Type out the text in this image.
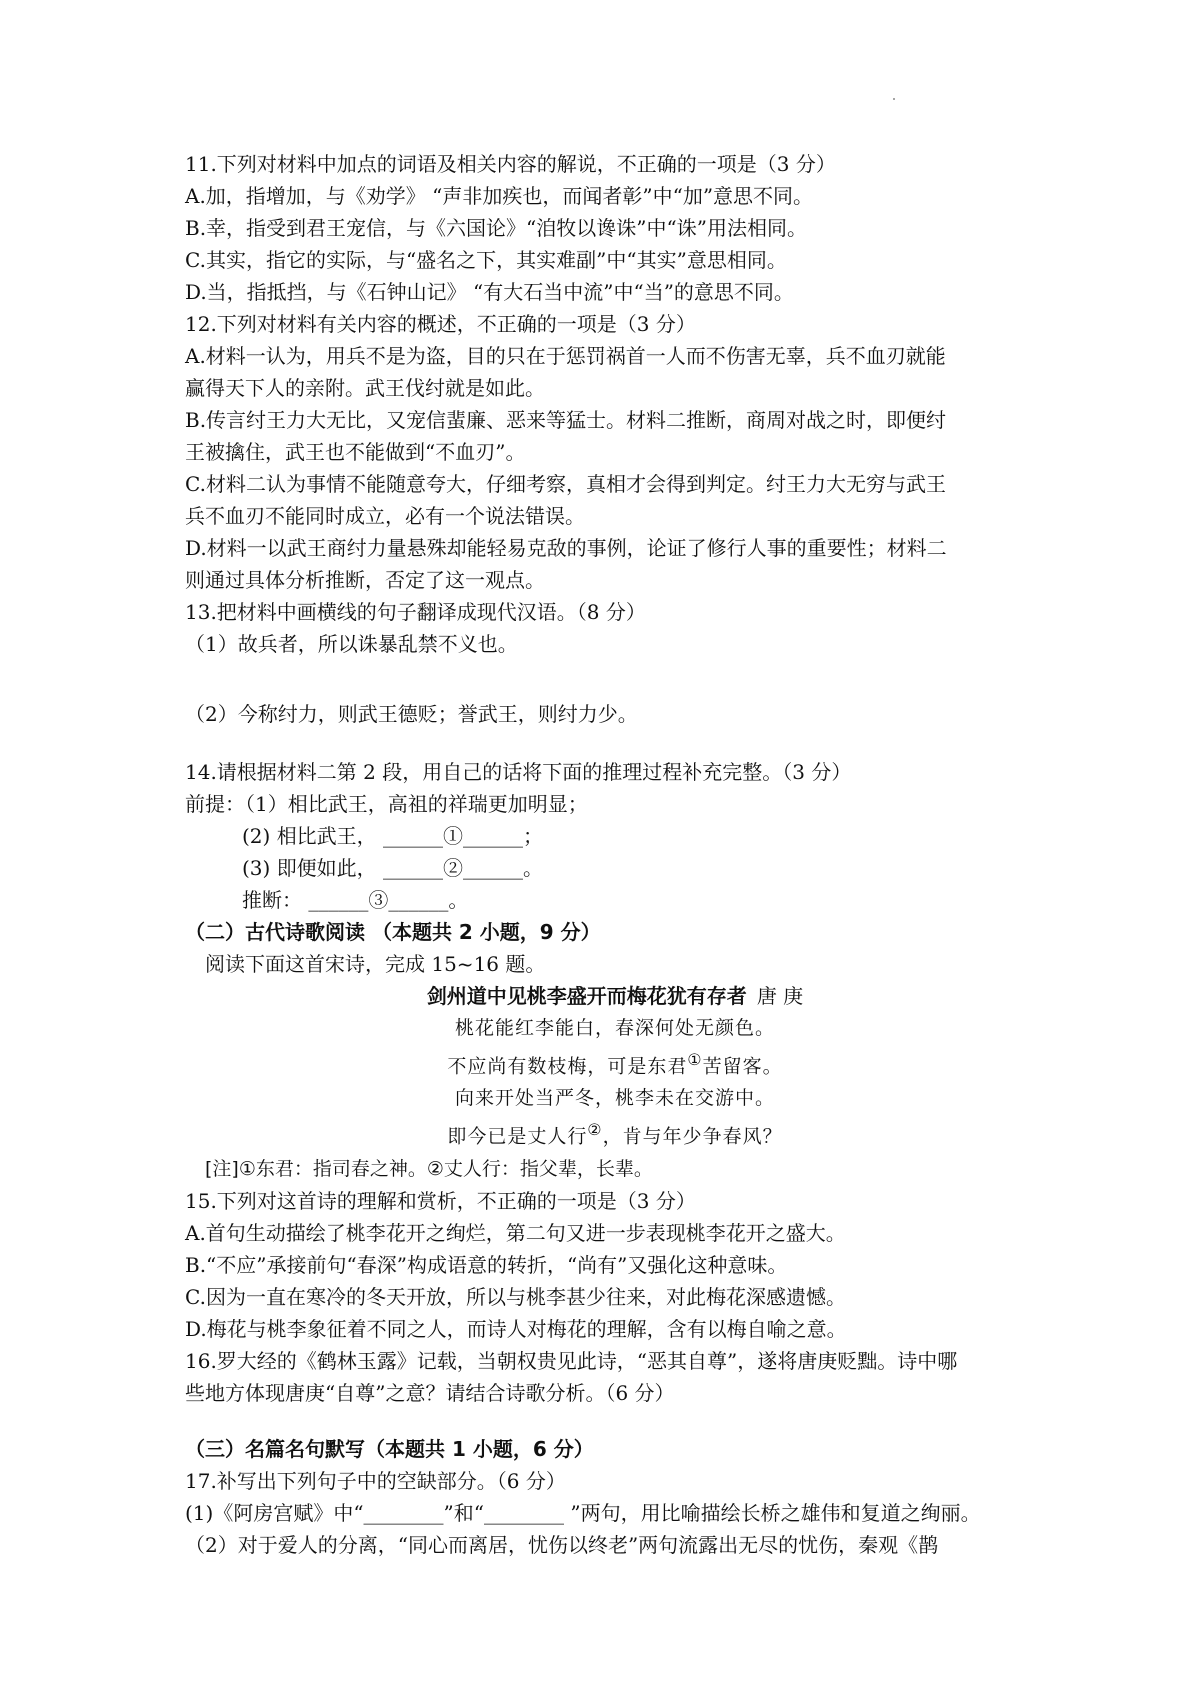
11.下列对材料中加点的词语及相关内容的解说，不正确的一项是（3 分）
A.加，指增加，与《劝学》 “声非加疾也，而闻者彰”中“加”意思不同。
B.幸，指受到君王宠信，与《六国论》“洎牧以谗诛”中“诛”用法相同。
C.其实，指它的实际，与“盛名之下，其实难副”中“其实”意思相同。
D.当，指抵挡，与《石钟山记》 “有大石当中流”中“当”的意思不同。
12.下列对材料有关内容的概述，不正确的一项是（3 分）
A.材料一认为，用兵不是为盗，目的只在于惩罚祸首一人而不伤害无辜，兵不血刃就能
赢得天下人的亲附。武王伐纣就是如此。
B.传言纣王力大无比，又宠信蜚廉、恶来等猛士。材料二推断，商周对战之时，即便纣
王被擒住，武王也不能做到“不血刃”。
C.材料二认为事情不能随意夸大，仔细考察，真相才会得到判定。纣王力大无穷与武王
兵不血刃不能同时成立，必有一个说法错误。
D.材料一以武王商纣力量悬殊却能轻易克敌的事例，论证了修行人事的重要性；材料二
则通过具体分析推断，否定了这一观点。
13.把材料中画横线的句子翻译成现代汉语。（8 分）
（1）故兵者，所以诛暴乱禁不义也。
（2）今称纣力，则武王德贬；誉武王，则纣力少。
14.请根据材料二第 2 段，用自己的话将下面的推理过程补充完整。（3 分）
前提：（1）相比武王，高祖的祥瑞更加明显；
(2) 相比武王， ______①______；
(3) 即便如此， ______②______。
推断： ______③______。
（二）古代诗歌阅读 （本题共 2 小题，9 分）
阅读下面这首宋诗，完成 15~16 题。
剑州道中见桃李盛开而梅花犹有存者 唐 庚
桃花能红李能白，春深何处无颜色。
不应尚有数枝梅，可是东君①苦留客。
向来开处当严冬，桃李未在交游中。
即今已是丈人行②，肯与年少争春风？
[注]①东君：指司春之神。②丈人行：指父辈，长辈。
15.下列对这首诗的理解和赏析，不正确的一项是（3 分）
A.首句生动描绘了桃李花开之绚烂，第二句又进一步表现桃李花开之盛大。
B.“不应”承接前句“春深”构成语意的转折，“尚有”又强化这种意味。
C.因为一直在寒冷的冬天开放，所以与桃李甚少往来，对此梅花深感遗憾。
D.梅花与桃李象征着不同之人，而诗人对梅花的理解，含有以梅自喻之意。
16.罗大经的《鹤林玉露》记载，当朝权贵见此诗，“恶其自尊”，遂将唐庚贬黜。诗中哪
些地方体现唐庚“自尊”之意？请结合诗歌分析。（6 分）
（三）名篇名句默写（本题共 1 小题，6 分）
17.补写出下列句子中的空缺部分。（6 分）
(1)《阿房宫赋》中“________”和“________ ”两句，用比喻描绘长桥之雄伟和复道之绚丽。
（2）对于爱人的分离，“同心而离居，忧伤以终老”两句流露出无尽的忧伤，秦观《鹊
